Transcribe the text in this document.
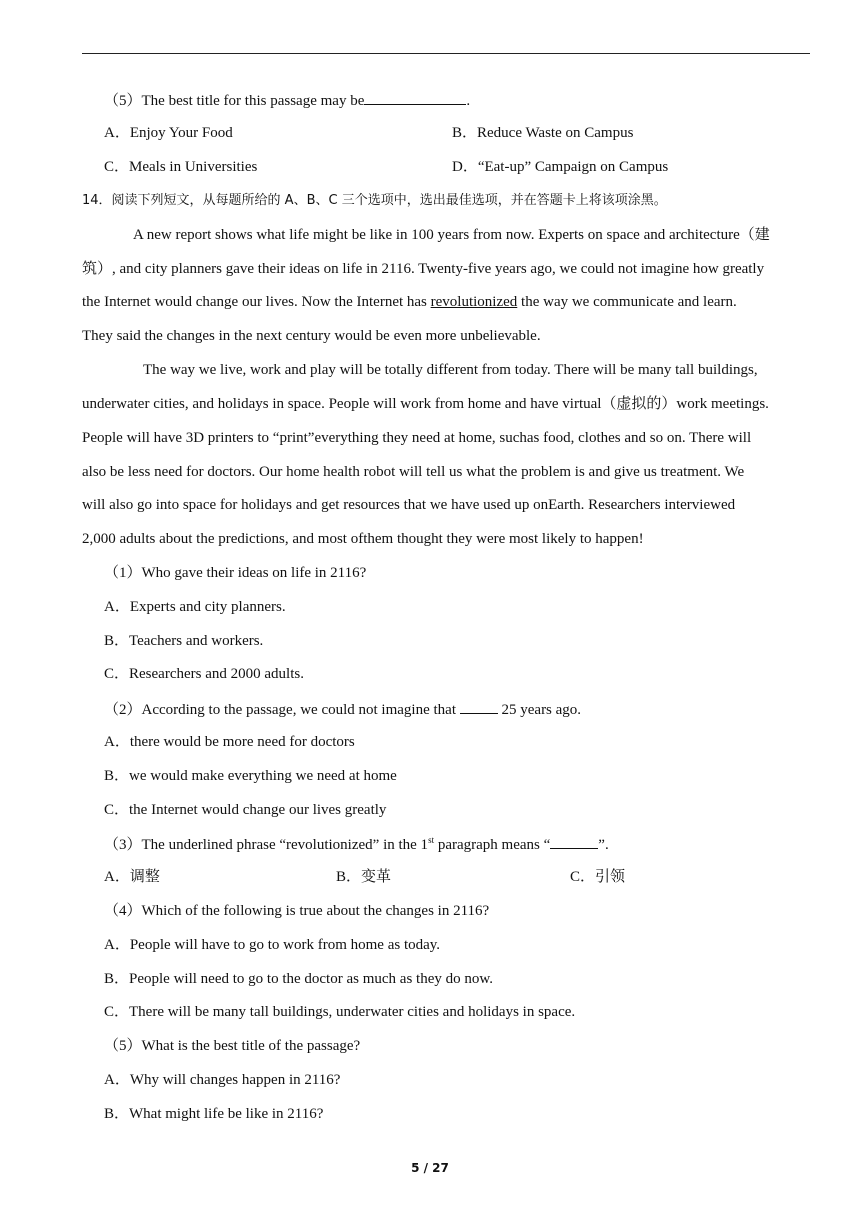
（5）The best title for this passage may be	.
A．Enjoy Your Food	B．Reduce Waste on Campus
C．Meals in Universities	D．“Eat-up” Campaign on Campus
14．阅读下列短文，从每题所给的 A、B、C 三个选项中，选出最佳选项，并在答题卡上将该项涂黑。
A new report shows what life might be like in 100 years from now. Experts on space and architecture（建
筑）, and city planners gave their ideas on life in 2116. Twenty-five years ago, we could not imagine how greatly
the Internet would change our lives. Now the Internet has revolutionized the way we communicate and learn.
They said the changes in the next century would be even more unbelievable.
The way we live, work and play will be totally different from today. There will be many tall buildings,
underwater cities, and holidays in space. People will work from home and have virtual（虚拟的）work meetings.
People will have 3D printers to “print”everything they need at home, suchas food, clothes and so on. There will
also be less need for doctors. Our home health robot will tell us what the problem is and give us treatment. We
will also go into space for holidays and get resources that we have used up onEarth. Researchers interviewed
2,000 adults about the predictions, and most ofthem thought they were most likely to happen!
（1）Who gave their ideas on life in 2116?
A．Experts and city planners.
B．Teachers and workers.
C．Researchers and 2000 adults.
（2）According to the passage, we could not imagine that	25 years ago.
A．there would be more need for doctors
B．we would make everything we need at home
C．the Internet would change our lives greatly
（3）The underlined phrase “revolutionized” in the 1st paragraph means “	”.
A．调整	B．变革	C．引领
（4）Which of the following is true about the changes in 2116?
A．People will have to go to work from home as today.
B．People will need to go to the doctor as much as they do now.
C．There will be many tall buildings, underwater cities and holidays in space.
（5）What is the best title of the passage?
A．Why will changes happen in 2116?
B．What might life be like in 2116?
5 / 27
